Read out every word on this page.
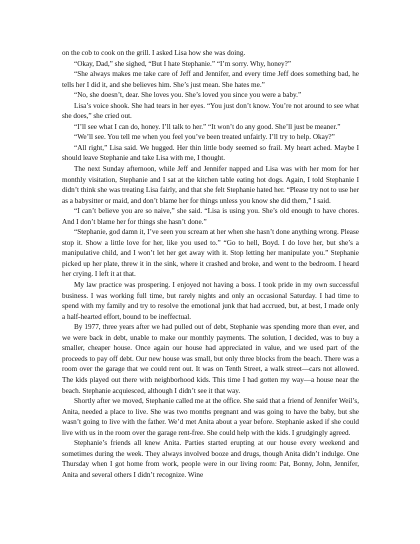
on the cob to cook on the grill. I asked Lisa how she was doing.

“Okay, Dad,” she sighed, “But I hate Stephanie.” “I’m sorry. Why, honey?”

“She always makes me take care of Jeff and Jennifer, and every time Jeff does something bad, he tells her I did it, and she believes him. She’s just mean. She hates me.”

“No, she doesn’t, dear. She loves you. She’s loved you since you were a baby.”

Lisa’s voice shook. She had tears in her eyes. “You just don’t know. You’re not around to see what she does,” she cried out.

“I’ll see what I can do, honey. I’ll talk to her.” “It won’t do any good. She’ll just be meaner.”

“We’ll see. You tell me when you feel you’ve been treated unfairly. I’ll try to help. Okay?”

“All right,” Lisa said. We hugged. Her thin little body seemed so frail. My heart ached. Maybe I should leave Stephanie and take Lisa with me, I thought.

The next Sunday afternoon, while Jeff and Jennifer napped and Lisa was with her mom for her monthly visitation, Stephanie and I sat at the kitchen table eating hot dogs. Again, I told Stephanie I didn’t think she was treating Lisa fairly, and that she felt Stephanie hated her. “Please try not to use her as a babysitter or maid, and don’t blame her for things unless you know she did them,” I said.

“I can’t believe you are so naive,” she said. “Lisa is using you. She’s old enough to have chores. And I don’t blame her for things she hasn’t done.”

“Stephanie, god damn it, I’ve seen you scream at her when she hasn’t done anything wrong. Please stop it. Show a little love for her, like you used to.” “Go to hell, Boyd. I do love her, but she’s a manipulative child, and I won’t let her get away with it. Stop letting her manipulate you.” Stephanie picked up her plate, threw it in the sink, where it crashed and broke, and went to the bedroom. I heard her crying. I left it at that.

My law practice was prospering. I enjoyed not having a boss. I took pride in my own successful business. I was working full time, but rarely nights and only an occasional Saturday. I had time to spend with my family and try to resolve the emotional junk that had accrued, but, at best, I made only a half-hearted effort, bound to be ineffectual.

By 1977, three years after we had pulled out of debt, Stephanie was spending more than ever, and we were back in debt, unable to make our monthly payments. The solution, I decided, was to buy a smaller, cheaper house. Once again our house had appreciated in value, and we used part of the proceeds to pay off debt. Our new house was small, but only three blocks from the beach. There was a room over the garage that we could rent out. It was on Tenth Street, a walk street—cars not allowed. The kids played out there with neighborhood kids. This time I had gotten my way—a house near the beach. Stephanie acquiesced, although I didn’t see it that way.

Shortly after we moved, Stephanie called me at the office. She said that a friend of Jennifer Weil’s, Anita, needed a place to live. She was two months pregnant and was going to have the baby, but she wasn’t going to live with the father. We’d met Anita about a year before. Stephanie asked if she could live with us in the room over the garage rent-free. She could help with the kids. I grudgingly agreed.

Stephanie’s friends all knew Anita. Parties started erupting at our house every weekend and sometimes during the week. They always involved booze and drugs, though Anita didn’t indulge. One Thursday when I got home from work, people were in our living room: Pat, Bonny, John, Jennifer, Anita and several others I didn’t recognize. Wine
